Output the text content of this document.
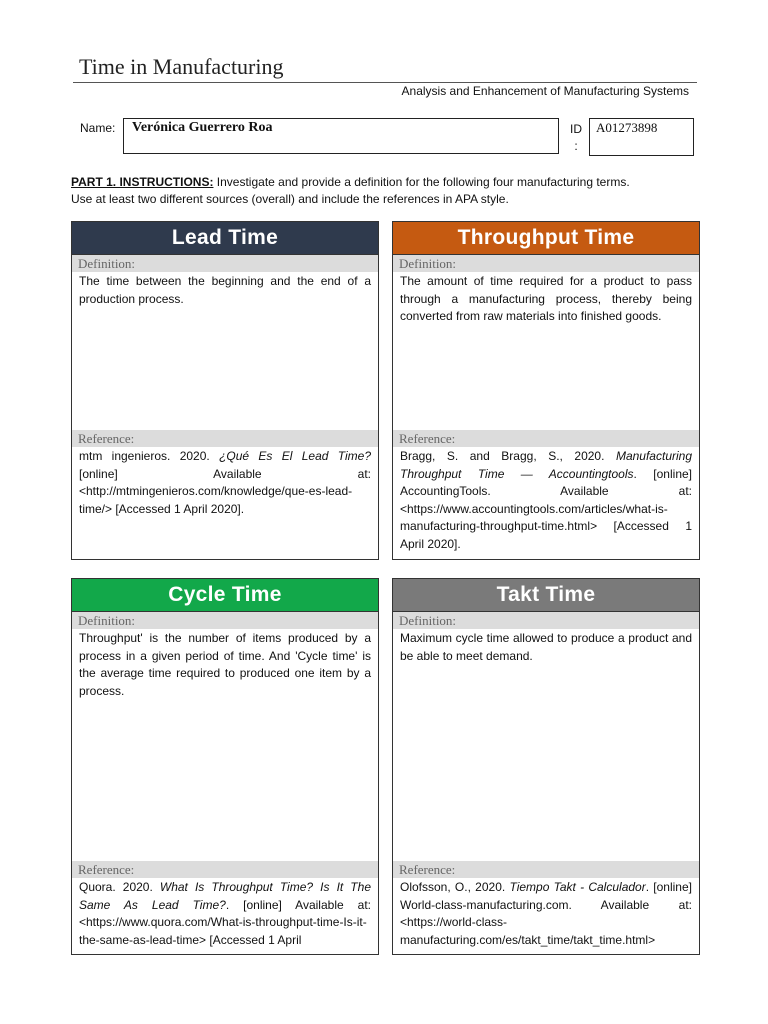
Time in Manufacturing
Analysis and Enhancement of Manufacturing Systems
Name:	Verónica Guerrero Roa	ID
:
A01273898
PART 1. INSTRUCTIONS: Investigate and provide a definition for the following four manufacturing terms.
Use at least two different sources (overall) and include the references in APA style.
Lead Time
Definition:
The time between the beginning and the end of a production process.
Reference:
mtm ingenieros. 2020. ¿Qué Es El Lead Time? [online] Available at: <http://mtmingenieros.com/knowledge/que-es-lead-time/> [Accessed 1 April 2020].
Throughput Time
Definition:
The amount of time required for a product to pass through a manufacturing process, thereby being converted from raw materials into finished goods.
Reference:
Bragg, S. and Bragg, S., 2020. Manufacturing Throughput Time — Accountingtools. [online] AccountingTools. Available at: <https://www.accountingtools.com/articles/what-is-manufacturing-throughput-time.html> [Accessed 1 April 2020].
Cycle Time
Definition:
Throughput' is the number of items produced by a process in a given period of time. And 'Cycle time' is the average time required to produced one item by a process.
Reference:
Quora. 2020. What Is Throughput Time? Is It The Same As Lead Time?. [online] Available at: <https://www.quora.com/What-is-throughput-time-Is-it-the-same-as-lead-time> [Accessed 1 April
Takt Time
Definition:
Maximum cycle time allowed to produce a product and be able to meet demand.
Reference:
Olofsson, O., 2020. Tiempo Takt - Calculador. [online] World-class-manufacturing.com. Available at: <https://world-class-manufacturing.com/es/takt_time/takt_time.html>
